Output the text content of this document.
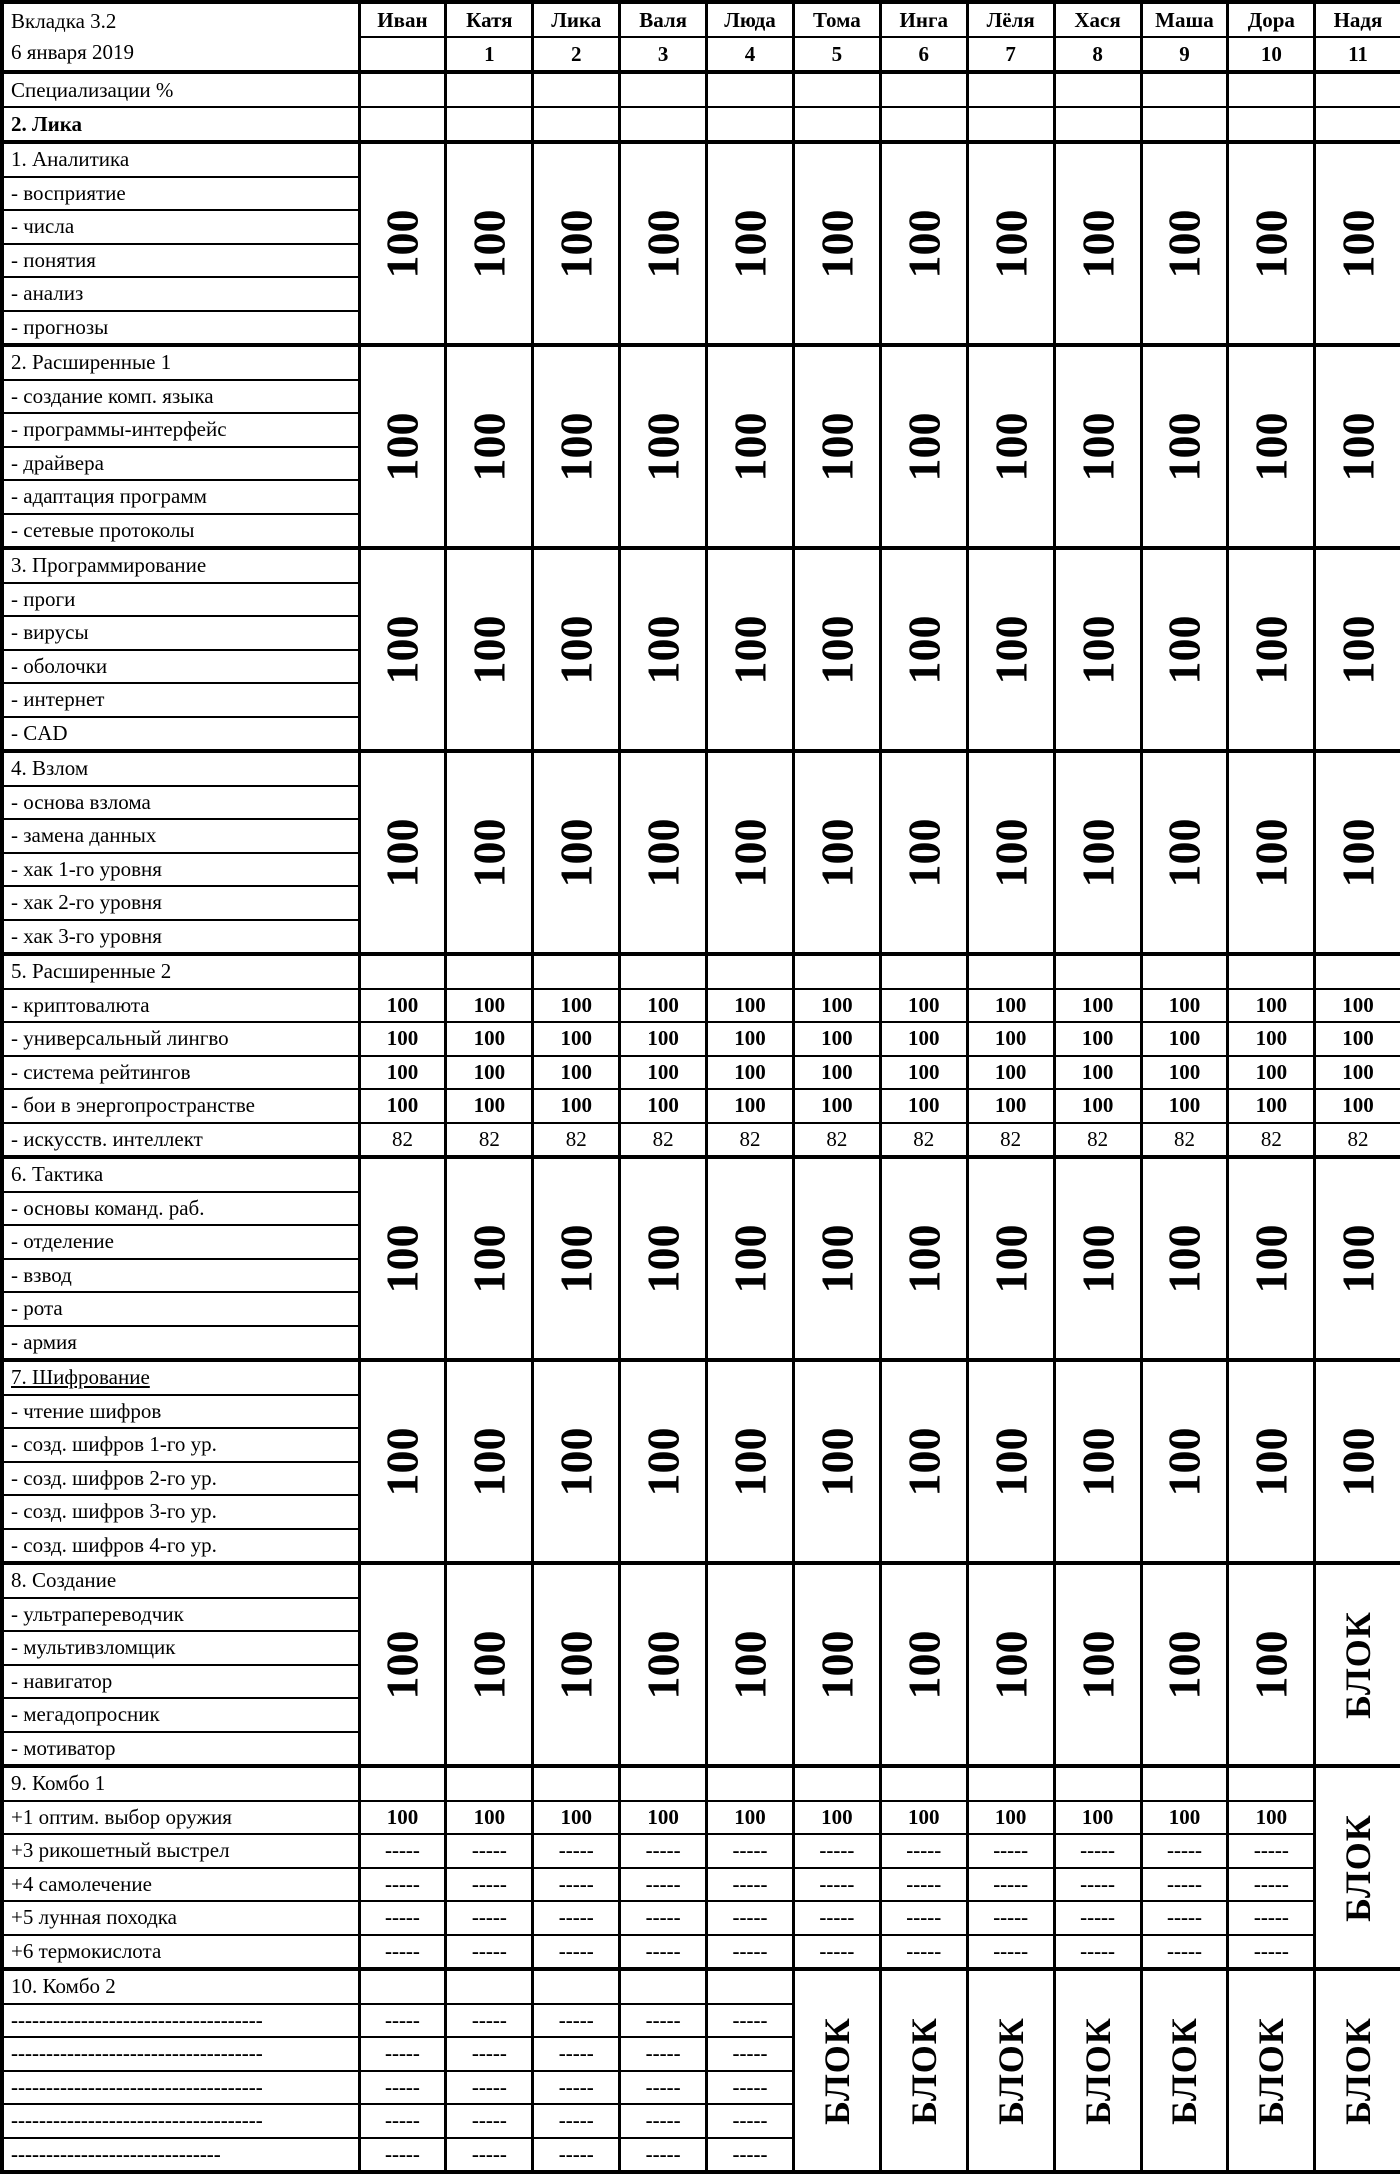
Вкладка 3.2
6 января 2019	Иван	Катя	Лика	Валя	Люда	Тома	Инга	Лёля	Хася	Маша	Дора	Надя
		1	2	3	4	5	6	7	8	9	10	11
Специализации %												
2. Лика												
1. Аналитика	100	100	100	100	100	100	100	100	100	100	100	100

- восприятие												
- числа												
- понятия												
- анализ												
- прогнозы												
2. Расширенные 1	100	100	100	100	100	100	100	100	100	100	100	100

- создание комп. языка												
- программы-интерфейс												
- драйвера												
- адаптация программ												
- сетевые протоколы												
3. Программирование	100	100	100	100	100	100	100	100	100	100	100	100

- проги												
- вирусы												
- оболочки												
- интернет												
- CAD												
4. Взлом	100	100	100	100	100	100	100	100	100	100	100	100

- основа взлома												
- замена данных												
- хак 1-го уровня												
- хак 2-го уровня												
- хак 3-го уровня												
5. Расширенные 2												
- криптовалюта	100	100	100	100	100	100	100	100	100	100	100	100
- универсальный лингво	100	100	100	100	100	100	100	100	100	100	100	100
- система рейтингов	100	100	100	100	100	100	100	100	100	100	100	100
- бои в энергопространстве	100	100	100	100	100	100	100	100	100	100	100	100
- искусств. интеллект	82	82	82	82	82	82	82	82	82	82	82	82
6. Тактика	100	100	100	100	100	100	100	100	100	100	100	100

- основы команд. раб.												
- отделение												
- взвод												
- рота												
- армия												
7. Шифрование	100	100	100	100	100	100	100	100	100	100	100	100

- чтение шифров												
- созд. шифров 1-го ур.												
- созд. шифров 2-го ур.												
- созд. шифров 3-го ур.												
- созд. шифров 4-го ур.												
8. Создание	100	100	100	100	100	100	100	100	100	100	100	БЛОК

- ультрапереводчик												
- мультивзломщик												
- навигатор												
- мегадопросник												
- мотиватор												
9. Комбо 1												БЛОК

+1 оптим. выбор оружия	100	100	100	100	100	100	100	100	100	100	100	
+3 рикошетный выстрел	-----	-----	-----	-----	-----	-----	-----	-----	-----	-----	-----	
+4 самолечение	-----	-----	-----	-----	-----	-----	-----	-----	-----	-----	-----	
+5 лунная походка	-----	-----	-----	-----	-----	-----	-----	-----	-----	-----	-----	
+6 термокислота	-----	-----	-----	-----	-----	-----	-----	-----	-----	-----	-----	
10. Комбо 2						БЛОК	БЛОК	БЛОК	БЛОК	БЛОК	БЛОК	БЛОК

------------------------------------	-----	-----	-----	-----	-----							
------------------------------------	-----	-----	-----	-----	-----							
------------------------------------	-----	-----	-----	-----	-----							
------------------------------------	-----	-----	-----	-----	-----							
------------------------------	-----	-----	-----	-----	-----							
